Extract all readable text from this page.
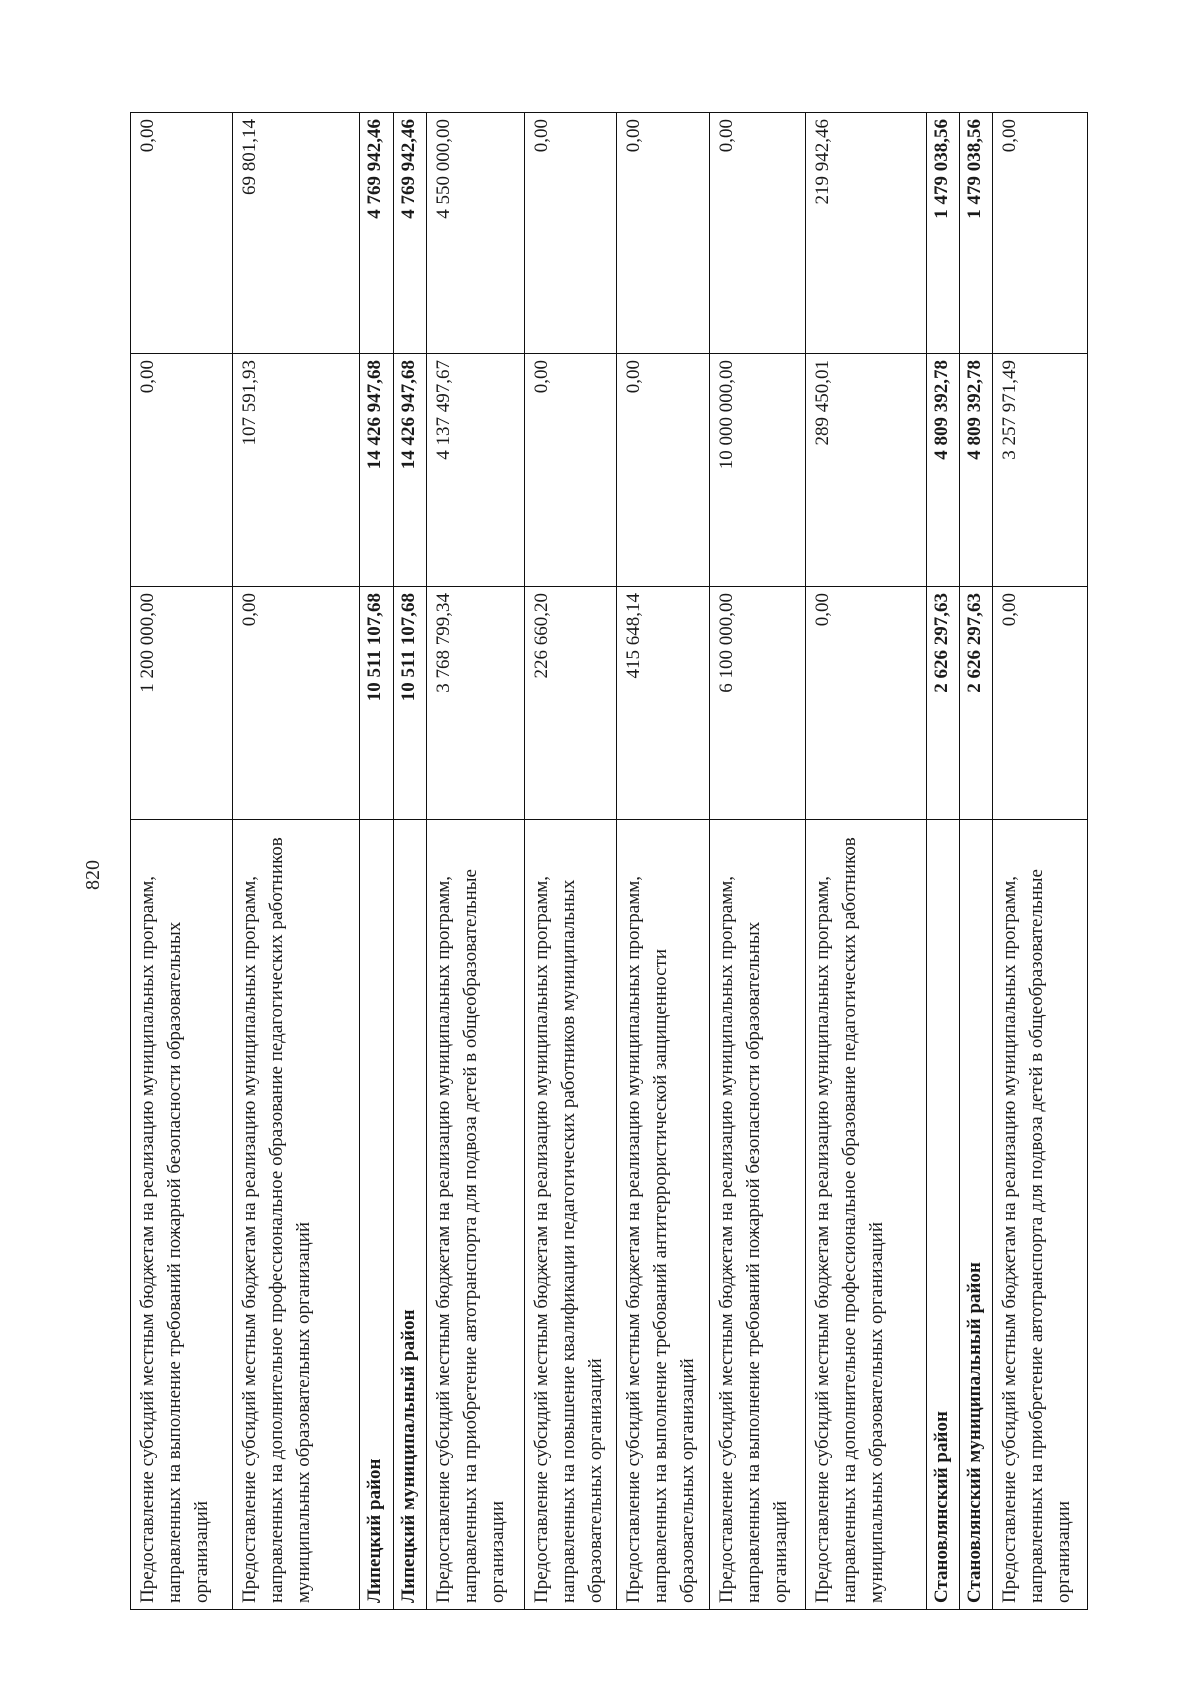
820
Предоставление субсидий местным бюджетам на реализацию муниципальных программ, направленных на выполнение требований пожарной безопасности образовательных организаций	1 200 000,00	0,00	0,00
Предоставление субсидий местным бюджетам на реализацию муниципальных программ, направленных на дополнительное профессиональное образование педагогических работников муниципальных образовательных организаций	0,00	107 591,93	69 801,14
Липецкий район	10 511 107,68	14 426 947,68	4 769 942,46
Липецкий муниципальный район	10 511 107,68	14 426 947,68	4 769 942,46
Предоставление субсидий местным бюджетам на реализацию муниципальных программ, направленных на приобретение автотранспорта для подвоза детей в общеобразовательные организации	3 768 799,34	4 137 497,67	4 550 000,00
Предоставление субсидий местным бюджетам на реализацию муниципальных программ, направленных на повышение квалификации педагогических работников муниципальных образовательных организаций	226 660,20	0,00	0,00
Предоставление субсидий местным бюджетам на реализацию муниципальных программ, направленных на выполнение требований антитеррористической защищенности образовательных организаций	415 648,14	0,00	0,00
Предоставление субсидий местным бюджетам на реализацию муниципальных программ, направленных на выполнение требований пожарной безопасности образовательных организаций	6 100 000,00	10 000 000,00	0,00
Предоставление субсидий местным бюджетам на реализацию муниципальных программ, направленных на дополнительное профессиональное образование педагогических работников муниципальных образовательных организаций	0,00	289 450,01	219 942,46
Становлянский район	2 626 297,63	4 809 392,78	1 479 038,56
Становлянский муниципальный район	2 626 297,63	4 809 392,78	1 479 038,56
Предоставление субсидий местным бюджетам на реализацию муниципальных программ, направленных на приобретение автотранспорта для подвоза детей в общеобразовательные организации	0,00	3 257 971,49	0,00
